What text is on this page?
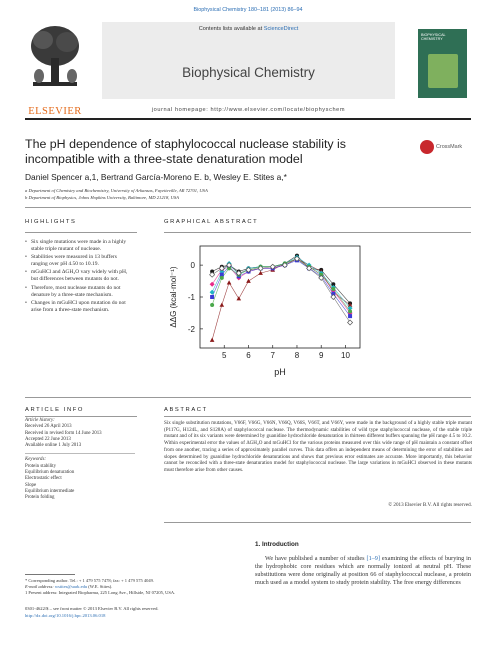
Biophysical Chemistry 180–181 (2013) 86–94
ELSEVIER
Contents lists available at ScienceDirect
Biophysical Chemistry
BIOPHYSICAL CHEMISTRY
journal homepage: http://www.elsevier.com/locate/biophyschem
The pH dependence of staphylococcal nuclease stability is incompatible with a three-state denaturation model
CrossMark
Daniel Spencer a,1, Bertrand García-Moreno E. b, Wesley E. Stites a,*
a Department of Chemistry and Biochemistry, University of Arkansas, Fayetteville, AR 72701, USA
b Department of Biophysics, Johns Hopkins University, Baltimore, MD 21218, USA
HIGHLIGHTS
• Six single mutations were made in a highly stable triple mutant of nuclease.
• Stabilities were measured in 13 buffers ranging over pH 4.50 to 10.19.
• mGuHCl and ΔGH₂O vary widely with pH, but differences between mutants do not.
• Therefore, most nuclease mutants do not denature by a three-state mechanism.
• Changes in mGuHCl upon mutation do not arise from a three-state mechanism.
GRAPHICAL ABSTRACT
5 6 7 8 9 10
0
-1
-2
pH
ΔΔG (kcal·mol⁻¹)
ARTICLE INFO	ABSTRACT
Article history:
Received 26 April 2013
Received in revised form 14 June 2013
Accepted 22 June 2013
Available online 1 July 2013
Keywords:
Protein stability
Equilibrium denaturation
Electrostatic effect
Slope
Equilibrium intermediate
Protein folding
Six single substitution mutations, V66F, V66G, V66N, V66Q, V66S, V66T, and V66Y, were made in the background of a highly stable triple mutant (P117G, H124L, and S128A) of staphylococcal nuclease. The thermodynamic stabilities of wild type staphylococcal nuclease, of the stable triple mutant and of its six variants were determined by guanidine hydrochloride denaturation in thirteen different buffers spanning the pH range 4.5 to 10.2. Within experimental error the values of ΔGH₂O and mGuHCl for the various proteins measured over this wide range of pH maintain a constant offset from one another, tracing a series of approximately parallel curves. This data offers an independent means of determining the error of stabilities and slopes determined by guanidine hydrochloride denaturations and shows that previous error estimates are accurate. More importantly, this behavior cannot be reconciled with a three-state denaturation model for staphylococcal nuclease. The large variations in mGuHCl observed in these mutants must therefore arise from other causes.
© 2013 Elsevier B.V. All rights reserved.
1. Introduction
We have published a number of studies [1–9] examining the effects of burying in the hydrophobic core residues which are normally ionized at neutral pH. These substitutions were done originally at position 66 of staphylococcal nuclease, a protein much used as a model system to study protein stability. The free energy differences
* Corresponding author. Tel.: + 1 479 575 7478; fax: + 1 479 575 4049.
E-mail address: wstites@uark.edu (W.E. Stites).
1 Present address: Integrated Biopharma, 225 Long Ave., Hillside, NJ 07205, USA.
0301-4622/$ – see front matter © 2013 Elsevier B.V. All rights reserved.
http://dx.doi.org/10.1016/j.bpc.2013.06.018
